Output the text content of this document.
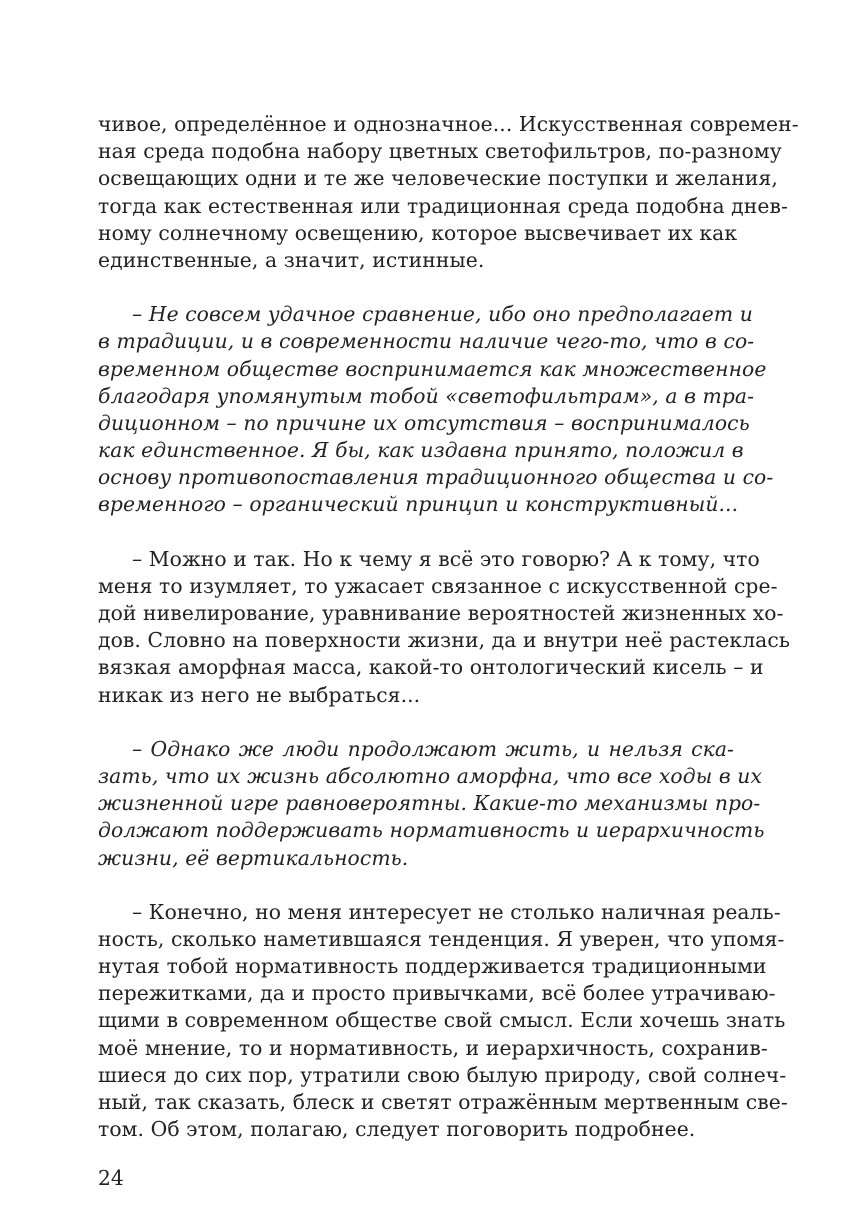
чивое, определённое и однозначное... Искусственная современ-
ная среда подобна набору цветных светофильтров, по-разному
освещающих одни и те же человеческие поступки и желания,
тогда как естественная или традиционная среда подобна днев-
ному солнечному освещению, которое высвечивает их как
единственные, а значит, истинные.
– Не совсем удачное сравнение, ибо оно предполагает и
в традиции, и в современности наличие чего-то, что в со-
временном обществе воспринимается как множественное
благодаря упомянутым тобой «светофильтрам», а в тра-
диционном – по причине их отсутствия – воспринималось
как единственное. Я бы, как издавна принято, положил в
основу противопоставления традиционного общества и со-
временного – органический принцип и конструктивный...
– Можно и так. Но к чему я всё это говорю? А к тому, что
меня то изумляет, то ужасает связанное с искусственной сре-
дой нивелирование, уравнивание вероятностей жизненных хо-
дов. Словно на поверхности жизни, да и внутри неё растеклась
вязкая аморфная масса, какой-то онтологический кисель – и
никак из него не выбраться...
– Однако же люди продолжают жить, и нельзя ска-
зать, что их жизнь абсолютно аморфна, что все ходы в их
жизненной игре равновероятны. Какие-то механизмы про-
должают поддерживать нормативность и иерархичность
жизни, её вертикальность.
– Конечно, но меня интересует не столько наличная реаль-
ность, сколько наметившаяся тенденция. Я уверен, что упомя-
нутая тобой нормативность поддерживается традиционными
пережитками, да и просто привычками, всё более утрачиваю-
щими в современном обществе свой смысл. Если хочешь знать
моё мнение, то и нормативность, и иерархичность, сохранив-
шиеся до сих пор, утратили свою былую природу, свой солнеч-
ный, так сказать, блеск и светят отражённым мертвенным све-
том. Об этом, полагаю, следует поговорить подробнее.
24
